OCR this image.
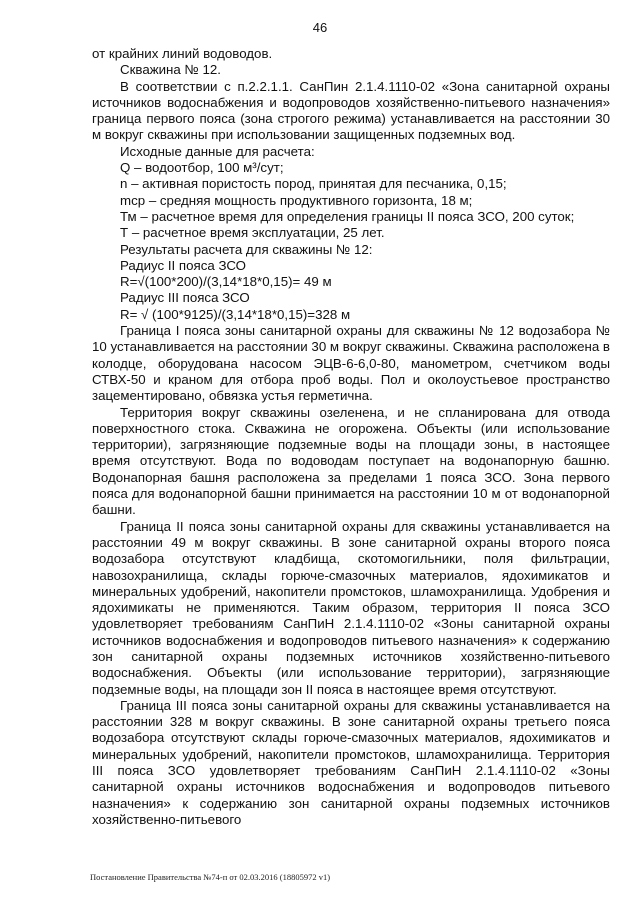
46

от крайних линий водоводов.

Скважина № 12.

В соответствии с п.2.2.1.1. СанПин 2.1.4.1110-02 «Зона санитарной охраны источников водоснабжения и водопроводов хозяйственно-питьевого назначения» граница первого пояса (зона строгого режима) устанавливается на расстоянии 30 м вокруг скважины при использовании защищенных подземных вод.

Исходные данные для расчета:

Q – водоотбор, 100 м³/сут;

n – активная пористость пород, принятая для песчаника, 0,15;

mср – средняя мощность продуктивного горизонта, 18 м;

Тм – расчетное время для определения границы II пояса ЗСО, 200 суток;

Т – расчетное время эксплуатации, 25 лет.

Результаты расчета для скважины № 12:

Радиус II пояса ЗСО

R=√(100*200)/(3,14*18*0,15)= 49 м

Радиус III пояса ЗСО

R= √ (100*9125)/(3,14*18*0,15)=328 м

Граница I пояса зоны санитарной охраны для скважины № 12 водозабора № 10 устанавливается на расстоянии 30 м вокруг скважины. Скважина расположена в колодце, оборудована насосом ЭЦВ-6-6,0-80, манометром, счетчиком воды СТВХ-50 и краном для отбора проб воды. Пол и околоустьевое пространство зацементировано, обвязка устья герметична.

Территория вокруг скважины озеленена, и не спланирована для отвода поверхностного стока. Скважина не огорожена. Объекты (или использование территории), загрязняющие подземные воды на площади зоны, в настоящее время отсутствуют. Вода по водоводам поступает на водонапорную башню. Водонапорная башня расположена за пределами 1 пояса ЗСО. Зона первого пояса для водонапорной башни принимается на расстоянии 10 м от водонапорной башни.

Граница II пояса зоны санитарной охраны для скважины устанавливается на расстоянии 49 м вокруг скважины. В зоне санитарной охраны второго пояса водозабора отсутствуют кладбища, скотомогильники, поля фильтрации, навозохранилища, склады горюче-смазочных материалов, ядохимикатов и минеральных удобрений, накопители промстоков, шламохранилища. Удобрения и ядохимикаты не применяются. Таким образом, территория II пояса ЗСО удовлетворяет требованиям СанПиН 2.1.4.1110-02 «Зоны санитарной охраны источников водоснабжения и водопроводов питьевого назначения» к содержанию зон санитарной охраны подземных источников хозяйственно-питьевого водоснабжения. Объекты (или использование территории), загрязняющие подземные воды, на площади зон II пояса в настоящее время отсутствуют.

Граница III пояса зоны санитарной охраны для скважины устанавливается на расстоянии 328 м вокруг скважины. В зоне санитарной охраны третьего пояса водозабора отсутствуют склады горюче-смазочных материалов, ядохимикатов и минеральных удобрений, накопители промстоков, шламохранилища. Территория III пояса ЗСО удовлетворяет требованиям СанПиН 2.1.4.1110-02 «Зоны санитарной охраны источников водоснабжения и водопроводов питьевого назначения» к содержанию зон санитарной охраны подземных источников хозяйственно-питьевого

Постановление Правительства №74-п от 02.03.2016 (18805972 v1)
